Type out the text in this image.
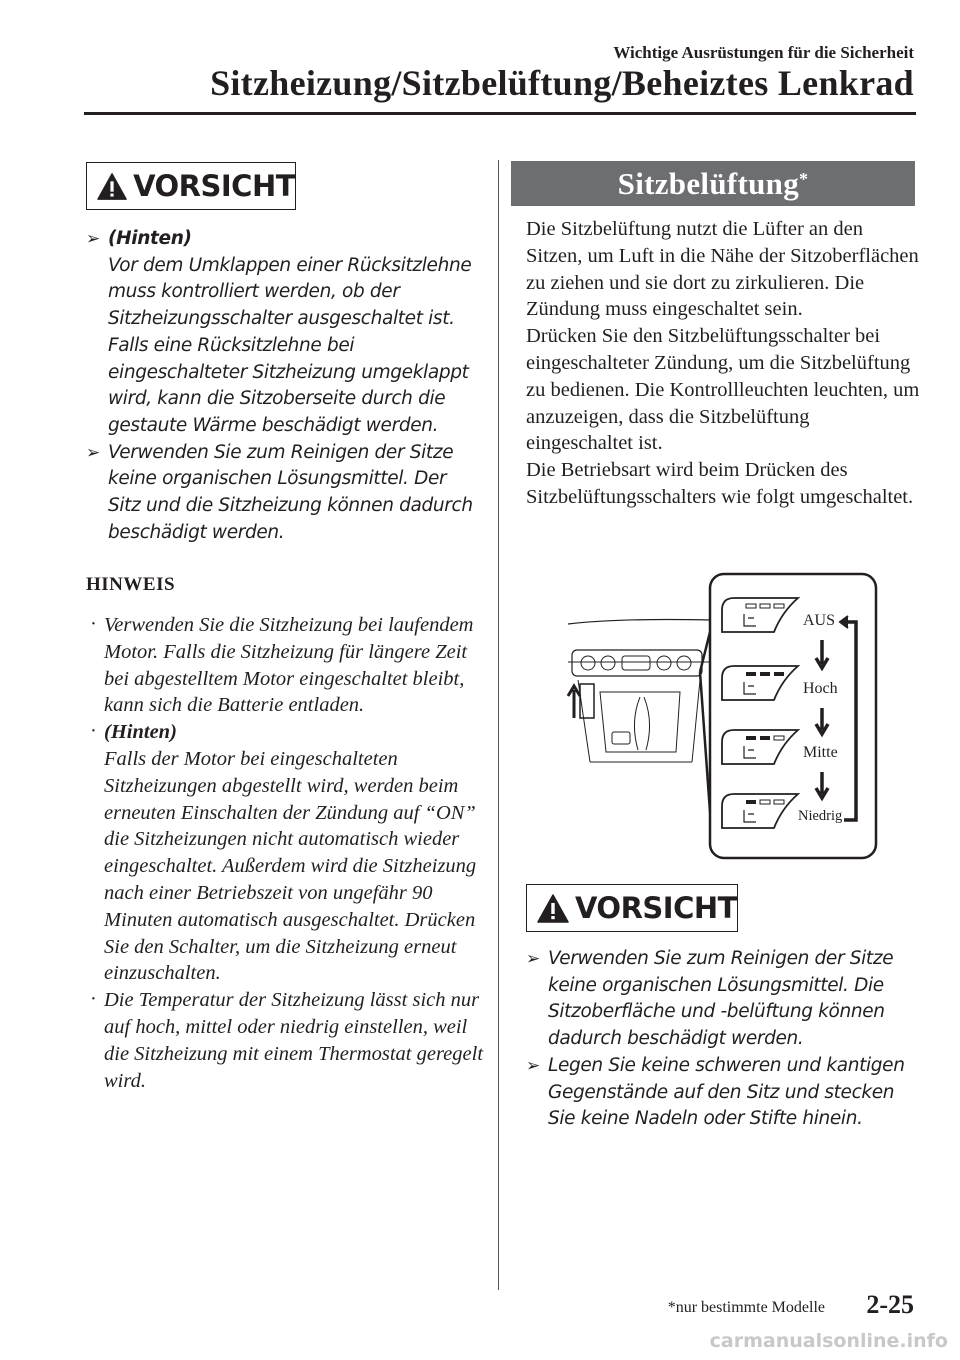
Wichtige Ausrüstungen für die Sicherheit
Sitzheizung/Sitzbelüftung/Beheiztes Lenkrad
VORSICHT
➢ (Hinten)
Vor dem Umklappen einer Rücksitzlehne muss kontrolliert werden, ob der Sitzheizungsschalter ausgeschaltet ist. Falls eine Rücksitzlehne bei eingeschalteter Sitzheizung umgeklappt wird, kann die Sitzoberseite durch die gestaute Wärme beschädigt werden.
➢ Verwenden Sie zum Reinigen der Sitze keine organischen Lösungsmittel. Der Sitz und die Sitzheizung können dadurch beschädigt werden.
HINWEIS
· Verwenden Sie die Sitzheizung bei laufendem Motor. Falls die Sitzheizung für längere Zeit bei abgestelltem Motor eingeschaltet bleibt, kann sich die Batterie entladen.
· (Hinten)
Falls der Motor bei eingeschalteten Sitzheizungen abgestellt wird, werden beim erneuten Einschalten der Zündung auf “ON” die Sitzheizungen nicht automatisch wieder eingeschaltet. Außerdem wird die Sitzheizung nach einer Betriebszeit von ungefähr 90 Minuten automatisch ausgeschaltet. Drücken Sie den Schalter, um die Sitzheizung erneut einzuschalten.
· Die Temperatur der Sitzheizung lässt sich nur auf hoch, mittel oder niedrig einstellen, weil die Sitzheizung mit einem Thermostat geregelt wird.
Sitzbelüftung*
Die Sitzbelüftung nutzt die Lüfter an den Sitzen, um Luft in die Nähe der Sitzoberflächen zu ziehen und sie dort zu zirkulieren. Die Zündung muss eingeschaltet sein.
Drücken Sie den Sitzbelüftungsschalter bei eingeschalteter Zündung, um die Sitzbelüftung zu bedienen. Die Kontrollleuchten leuchten, um anzuzeigen, dass die Sitzbelüftung eingeschaltet ist.
Die Betriebsart wird beim Drücken des Sitzbelüftungsschalters wie folgt umgeschaltet.
AUS
Hoch
Mitte
Niedrig
VORSICHT
➢ Verwenden Sie zum Reinigen der Sitze keine organischen Lösungsmittel. Die Sitzoberfläche und -belüftung können dadurch beschädigt werden.
➢ Legen Sie keine schweren und kantigen Gegenstände auf den Sitz und stecken Sie keine Nadeln oder Stifte hinein.
*nur bestimmte Modelle 2-25
carmanualsonline.info
